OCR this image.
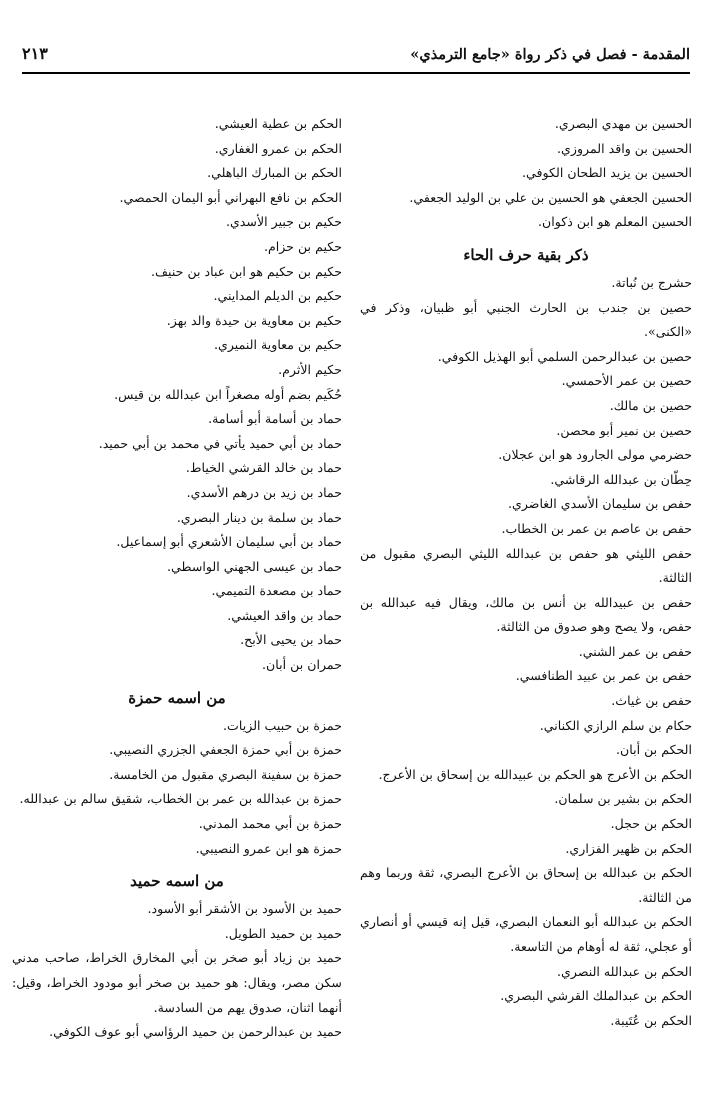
المقدمة - فصل في ذكر رواة «جامع الترمذي»
٢١٣
الحسين بن مهدي البصري.
الحسين بن واقد المروزي.
الحسين بن يزيد الطحان الكوفي.
الحسين الجعفي هو الحسين بن علي بن الوليد الجعفي.
الحسين المعلم هو ابن ذكوان.
ذكر بقية حرف الحاء
حشرج بن نُباتة.
حصين بن جندب بن الحارث الجنبي أبو ظبيان، وذكر في «الكنى».
حصين بن عبدالرحمن السلمي أبو الهذيل الكوفي.
حصين بن عمر الأحمسي.
حصين بن مالك.
حصين بن نمير أبو محصن.
حضرمي مولى الجارود هو ابن عجلان.
حِطّان بن عبدالله الرقاشي.
حفص بن سليمان الأسدي الغاضري.
حفص بن عاصم بن عمر بن الخطاب.
حفص الليثي هو حفص بن عبدالله الليثي البصري مقبول من الثالثة.
حفص بن عبيدالله بن أنس بن مالك، ويقال فيه عبدالله بن حفص، ولا يصح وهو صدوق من الثالثة.
حفص بن عمر الشني.
حفص بن عمر بن عبيد الطنافسي.
حفص بن غياث.
حكام بن سلم الرازي الكناني.
الحكم بن أبان.
الحكم بن الأعرج هو الحكم بن عبيدالله بن إسحاق بن الأعرج.
الحكم بن بشير بن سلمان.
الحكم بن حجل.
الحكم بن ظهير الفزاري.
الحكم بن عبدالله بن إسحاق بن الأعرج البصري، ثقة وربما وهم من الثالثة.
الحكم بن عبدالله أبو النعمان البصري، قيل إنه قيسي أو أنصاري أو عجلي، ثقة له أوهام من التاسعة.
الحكم بن عبدالله النصري.
الحكم بن عبدالملك القرشي البصري.
الحكم بن عُتَيبة.
الحكم بن عطية العيشي.
الحكم بن عمرو الغفاري.
الحكم بن المبارك الباهلي.
الحكم بن نافع البهراني أبو اليمان الحمصي.
حكيم بن جبير الأسدي.
حكيم بن حزام.
حكيم بن حكيم هو ابن عباد بن حنيف.
حكيم بن الديلم المدايني.
حكيم بن معاوية بن حيدة والد بهز.
حكيم بن معاوية النميري.
حكيم الأثرم.
حُكَيم بضم أوله مصغراً ابن عبدالله بن قيس.
حماد بن أسامة أبو أسامة.
حماد بن أبي حميد يأتي في محمد بن أبي حميد.
حماد بن خالد القرشي الخياط.
حماد بن زيد بن درهم الأسدي.
حماد بن سلمة بن دينار البصري.
حماد بن أبي سليمان الأشعري أبو إسماعيل.
حماد بن عيسى الجهني الواسطي.
حماد بن مصعدة التميمي.
حماد بن واقد العيشي.
حماد بن يحيى الأبح.
حمران بن أبان.
من اسمه حمزة
حمزة بن حبيب الزيات.
حمزة بن أبي حمزة الجعفي الجزري النصيبي.
حمزة بن سفينة البصري مقبول من الخامسة.
حمزة بن عبدالله بن عمر بن الخطاب، شقيق سالم بن عبدالله.
حمزة بن أبي محمد المدني.
حمزة هو ابن عمرو النصيبي.
من اسمه حميد
حميد بن الأسود بن الأشقر أبو الأسود.
حميد بن حميد الطويل.
حميد بن زياد أبو صخر بن أبي المخارق الخراط، صاحب مدني سكن مصر، ويقال: هو حميد بن صخر أبو مودود الخراط، وقيل: أنهما اثنان، صدوق يهم من السادسة.
حميد بن عبدالرحمن بن حميد الرؤاسي أبو عوف الكوفي.
